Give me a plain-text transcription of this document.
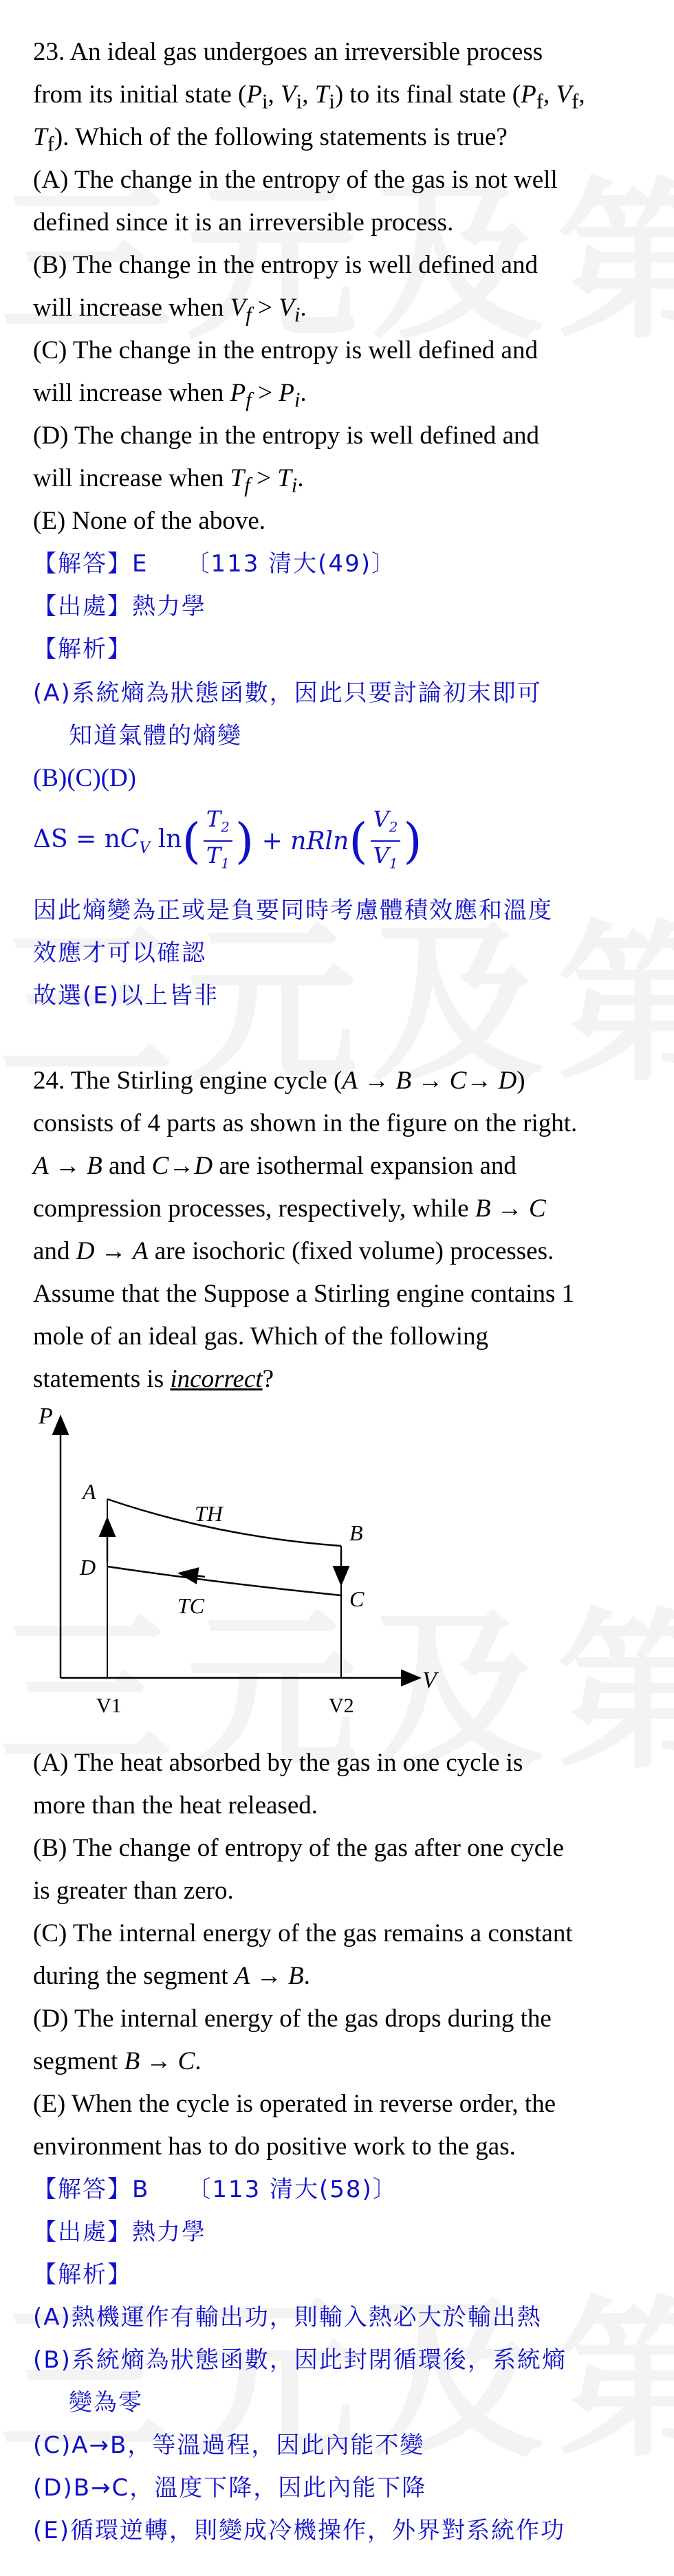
23. An ideal gas undergoes an irreversible process
from its initial state ($P_i$, $V_i$, $T_i$) to its final state ($P_f$, $V_f$,
$T_f$). Which of the following statements is true?
(A) The change in the entropy of the gas is not well
defined since it is an irreversible process.
(B) The change in the entropy is well defined and
will increase when $V_f > V_i$.
(C) The change in the entropy is well defined and
will increase when $P_f > P_i$.
(D) The change in the entropy is well defined and
will increase when $T_f > T_i$.
(E) None of the above.
【解答】E　　〔113 清大(49)〕
【出處】熱力學
【解析】
(A)系統熵為狀態函數，因此只要討論初末即可
知道氣體的熵變
(B)(C)(D)
$\Delta S = nC_V$ ln ( $\frac{T_2}{T_1}$ ) + nRln ( $\frac{V_2}{V_1}$ )
因此熵變為正或是負要同時考慮體積效應和溫度
效應才可以確認
故選(E)以上皆非
24. The Stirling engine cycle (A → B → C→ D)
consists of 4 parts as shown in the figure on the right.
A → B and C→D are isothermal expansion and
compression processes, respectively, while B → C
and D → A are isochoric (fixed volume) processes.
Assume that the Suppose a Stirling engine contains 1
mole of an ideal gas. Which of the following
statements is incorrect?
P
V
A
D
B
C
TH
TC
V1	V2
(A) The heat absorbed by the gas in one cycle is
more than the heat released.
(B) The change of entropy of the gas after one cycle
is greater than zero.
(C) The internal energy of the gas remains a constant
during the segment A → B.
(D) The internal energy of the gas drops during the
segment B → C.
(E) When the cycle is operated in reverse order, the
environment has to do positive work to the gas.
【解答】B　　〔113 清大(58)〕
【出處】熱力學
【解析】
(A)熱機運作有輸出功，則輸入熱必大於輸出熱
(B)系統熵為狀態函數，因此封閉循環後，系統熵
變為零
(C)A→B，等溫過程，因此內能不變
(D)B→C，溫度下降，因此內能下降
(E)循環逆轉，則變成冷機操作，外界對系統作功
